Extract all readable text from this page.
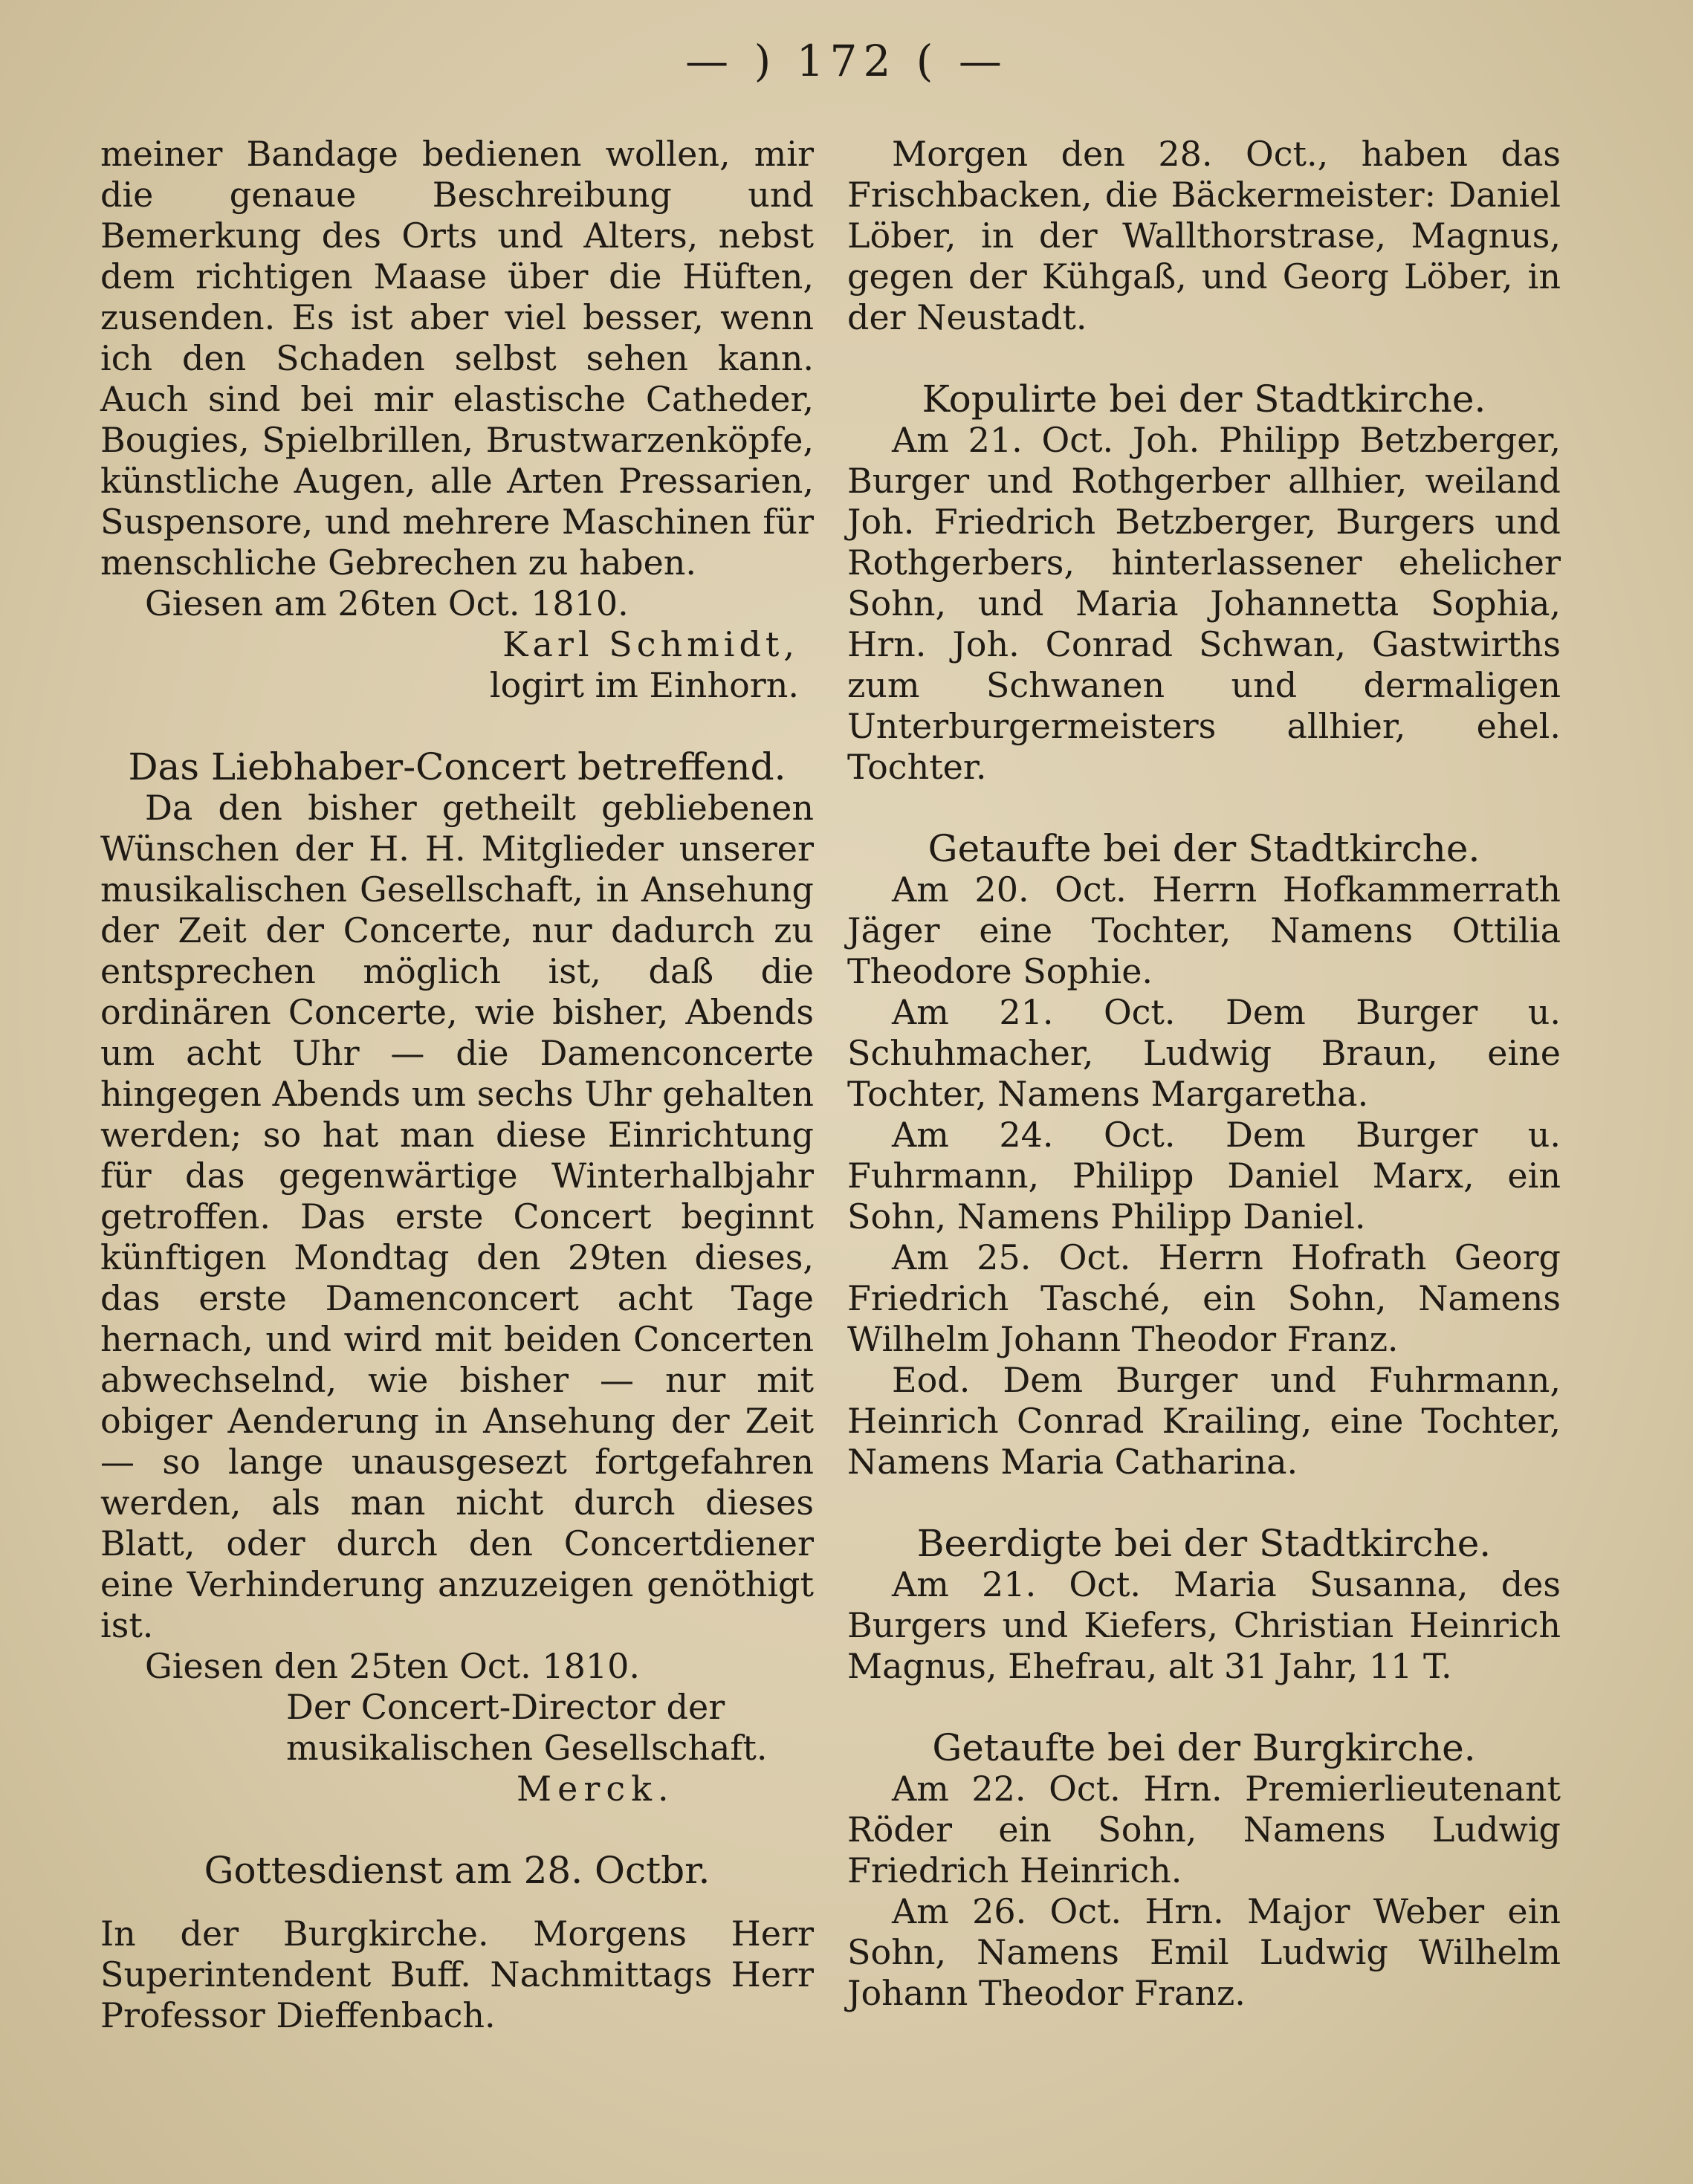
— ) 172 ( —

meiner Bandage bedienen wollen, mir die genaue Beschreibung und Bemerkung des Orts und Alters, nebst dem richtigen Maase über die Hüften, zusenden. Es ist aber viel besser, wenn ich den Schaden selbst sehen kann. Auch sind bei mir elastische Catheder, Bougies, Spielbrillen, Brustwarzenköpfe, künstliche Augen, alle Arten Pressarien, Suspensore, und mehrere Maschinen für menschliche Gebrechen zu haben.

Giesen am 26ten Oct. 1810.

Karl Schmidt,

logirt im Einhorn.

Das Liebhaber-Concert betreffend.

Da den bisher getheilt gebliebenen Wünschen der H. H. Mitglieder unserer musikalischen Gesellschaft, in Ansehung der Zeit der Concerte, nur dadurch zu entsprechen möglich ist, daß die ordinären Concerte, wie bisher, Abends um acht Uhr — die Damenconcerte hingegen Abends um sechs Uhr gehalten werden; so hat man diese Einrichtung für das gegenwärtige Winterhalbjahr getroffen. Das erste Concert beginnt künftigen Mondtag den 29ten dieses, das erste Damenconcert acht Tage hernach, und wird mit beiden Concerten abwechselnd, wie bisher — nur mit obiger Aenderung in Ansehung der Zeit — so lange unausgesezt fortgefahren werden, als man nicht durch dieses Blatt, oder durch den Concertdiener eine Verhinderung anzuzeigen genöthigt ist.

Giesen den 25ten Oct. 1810.

Der Concert-Director der musikalischen Gesellschaft.

Merck.

Gottesdienst am 28. Octbr.

In der Burgkirche. Morgens Herr Superintendent Buff. Nachmittags Herr Professor Dieffenbach.

Morgen den 28. Oct., haben das Frischbacken, die Bäckermeister: Daniel Löber, in der Wallthorstrase, Magnus, gegen der Kühgaß, und Georg Löber, in der Neustadt.

Kopulirte bei der Stadtkirche.

Am 21. Oct. Joh. Philipp Betzberger, Burger und Rothgerber allhier, weiland Joh. Friedrich Betzberger, Burgers und Rothgerbers, hinterlassener ehelicher Sohn, und Maria Johannetta Sophia, Hrn. Joh. Conrad Schwan, Gastwirths zum Schwanen und dermaligen Unterburgermeisters allhier, ehel. Tochter.

Getaufte bei der Stadtkirche.

Am 20. Oct. Herrn Hofkammerrath Jäger eine Tochter, Namens Ottilia Theodore Sophie.

Am 21. Oct. Dem Burger u. Schuhmacher, Ludwig Braun, eine Tochter, Namens Margaretha.

Am 24. Oct. Dem Burger u. Fuhrmann, Philipp Daniel Marx, ein Sohn, Namens Philipp Daniel.

Am 25. Oct. Herrn Hofrath Georg Friedrich Tasché, ein Sohn, Namens Wilhelm Johann Theodor Franz.

Eod. Dem Burger und Fuhrmann, Heinrich Conrad Krailing, eine Tochter, Namens Maria Catharina.

Beerdigte bei der Stadtkirche.

Am 21. Oct. Maria Susanna, des Burgers und Kiefers, Christian Heinrich Magnus, Ehefrau, alt 31 Jahr, 11 T.

Getaufte bei der Burgkirche.

Am 22. Oct. Hrn. Premierlieutenant Röder ein Sohn, Namens Ludwig Friedrich Heinrich.

Am 26. Oct. Hrn. Major Weber ein Sohn, Namens Emil Ludwig Wilhelm Johann Theodor Franz.
